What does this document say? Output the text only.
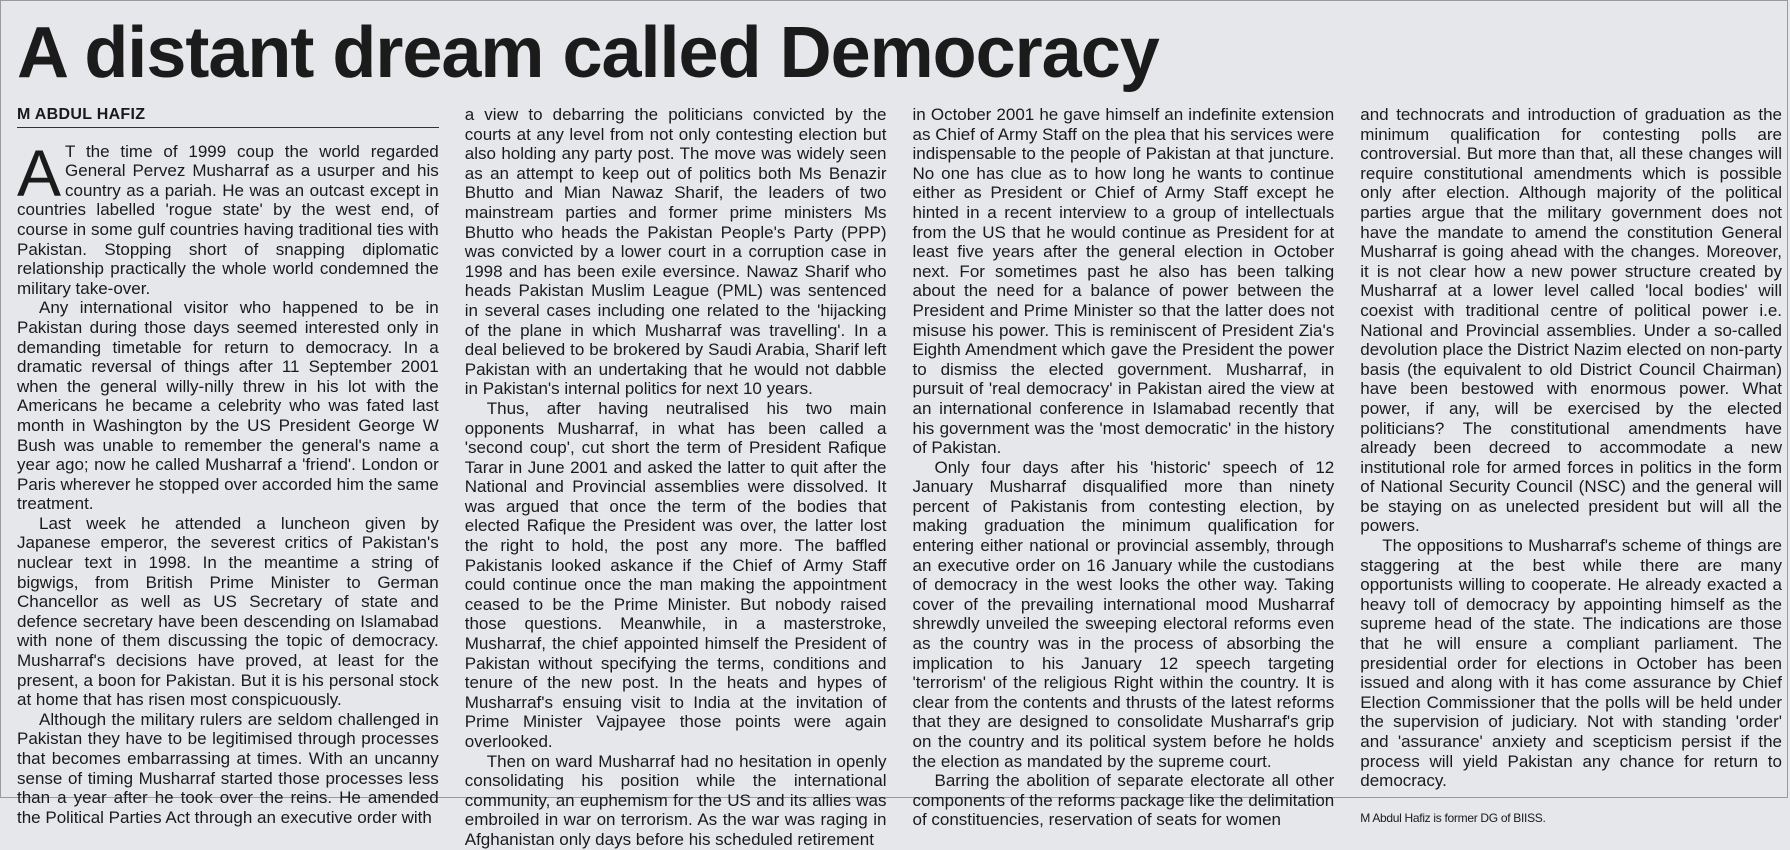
A distant dream called Democracy
M ABDUL HAFIZ

A T the time of 1999 coup the world regarded General Pervez Musharraf as a usurper and his country as a pariah. He was an outcast except in countries labelled 'rogue state' by the west end, of course in some gulf countries having traditional ties with Pakistan. Stopping short of snapping diplomatic relationship practically the whole world condemned the military take-over.

Any international visitor who happened to be in Pakistan during those days seemed interested only in demanding timetable for return to democracy. In a dramatic reversal of things after 11 September 2001 when the general willy-nilly threw in his lot with the Americans he became a celebrity who was fated last month in Washington by the US President George W Bush was unable to remember the general's name a year ago; now he called Musharraf a 'friend'. London or Paris wherever he stopped over accorded him the same treatment.

Last week he attended a luncheon given by Japanese emperor, the severest critics of Pakistan's nuclear text in 1998. In the meantime a string of bigwigs, from British Prime Minister to German Chancellor as well as US Secretary of state and defence secretary have been descending on Islamabad with none of them discussing the topic of democracy. Musharraf's decisions have proved, at least for the present, a boon for Pakistan. But it is his personal stock at home that has risen most conspicuously.

Although the military rulers are seldom challenged in Pakistan they have to be legitimised through processes that becomes embarrassing at times. With an uncanny sense of timing Musharraf started those processes less than a year after he took over the reins. He amended the Political Parties Act through an executive order with

a view to debarring the politicians convicted by the courts at any level from not only contesting election but also holding any party post. The move was widely seen as an attempt to keep out of politics both Ms Benazir Bhutto and Mian Nawaz Sharif, the leaders of two mainstream parties and former prime ministers Ms Bhutto who heads the Pakistan People's Party (PPP) was convicted by a lower court in a corruption case in 1998 and has been exile eversince. Nawaz Sharif who heads Pakistan Muslim League (PML) was sentenced in several cases including one related to the 'hijacking of the plane in which Musharraf was travelling'. In a deal believed to be brokered by Saudi Arabia, Sharif left Pakistan with an undertaking that he would not dabble in Pakistan's internal politics for next 10 years.

Thus, after having neutralised his two main opponents Musharraf, in what has been called a 'second coup', cut short the term of President Rafique Tarar in June 2001 and asked the latter to quit after the National and Provincial assemblies were dissolved. It was argued that once the term of the bodies that elected Rafique the President was over, the latter lost the right to hold, the post any more. The baffled Pakistanis looked askance if the Chief of Army Staff could continue once the man making the appointment ceased to be the Prime Minister. But nobody raised those questions. Meanwhile, in a masterstroke, Musharraf, the chief appointed himself the President of Pakistan without specifying the terms, conditions and tenure of the new post. In the heats and hypes of Musharraf's ensuing visit to India at the invitation of Prime Minister Vajpayee those points were again overlooked.

Then on ward Musharraf had no hesitation in openly consolidating his position while the international community, an euphemism for the US and its allies was embroiled in war on terrorism. As the war was raging in Afghanistan only days before his scheduled retirement

in October 2001 he gave himself an indefinite extension as Chief of Army Staff on the plea that his services were indispensable to the people of Pakistan at that juncture. No one has clue as to how long he wants to continue either as President or Chief of Army Staff except he hinted in a recent interview to a group of intellectuals from the US that he would continue as President for at least five years after the general election in October next. For sometimes past he also has been talking about the need for a balance of power between the President and Prime Minister so that the latter does not misuse his power. This is reminiscent of President Zia's Eighth Amendment which gave the President the power to dismiss the elected government. Musharraf, in pursuit of 'real democracy' in Pakistan aired the view at an international conference in Islamabad recently that his government was the 'most democratic' in the history of Pakistan.

Only four days after his 'historic' speech of 12 January Musharraf disqualified more than ninety percent of Pakistanis from contesting election, by making graduation the minimum qualification for entering either national or provincial assembly, through an executive order on 16 January while the custodians of democracy in the west looks the other way. Taking cover of the prevailing international mood Musharraf shrewdly unveiled the sweeping electoral reforms even as the country was in the process of absorbing the implication to his January 12 speech targeting 'terrorism' of the religious Right within the country. It is clear from the contents and thrusts of the latest reforms that they are designed to consolidate Musharraf's grip on the country and its political system before he holds the election as mandated by the supreme court.

Barring the abolition of separate electorate all other components of the reforms package like the delimitation of constituencies, reservation of seats for women

and technocrats and introduction of graduation as the minimum qualification for contesting polls are controversial. But more than that, all these changes will require constitutional amendments which is possible only after election. Although majority of the political parties argue that the military government does not have the mandate to amend the constitution General Musharraf is going ahead with the changes. Moreover, it is not clear how a new power structure created by Musharraf at a lower level called 'local bodies' will coexist with traditional centre of political power i.e. National and Provincial assemblies. Under a so-called devolution place the District Nazim elected on non-party basis (the equivalent to old District Council Chairman) have been bestowed with enormous power. What power, if any, will be exercised by the elected politicians? The constitutional amendments have already been decreed to accommodate a new institutional role for armed forces in politics in the form of National Security Council (NSC) and the general will be staying on as unelected president but will all the powers.

The oppositions to Musharraf's scheme of things are staggering at the best while there are many opportunists willing to cooperate. He already exacted a heavy toll of democracy by appointing himself as the supreme head of the state. The indications are those that he will ensure a compliant parliament. The presidential order for elections in October has been issued and along with it has come assurance by Chief Election Commissioner that the polls will be held under the supervision of judiciary. Not with standing 'order' and 'assurance' anxiety and scepticism persist if the process will yield Pakistan any chance for return to democracy.

M Abdul Hafiz is former DG of BIISS.
